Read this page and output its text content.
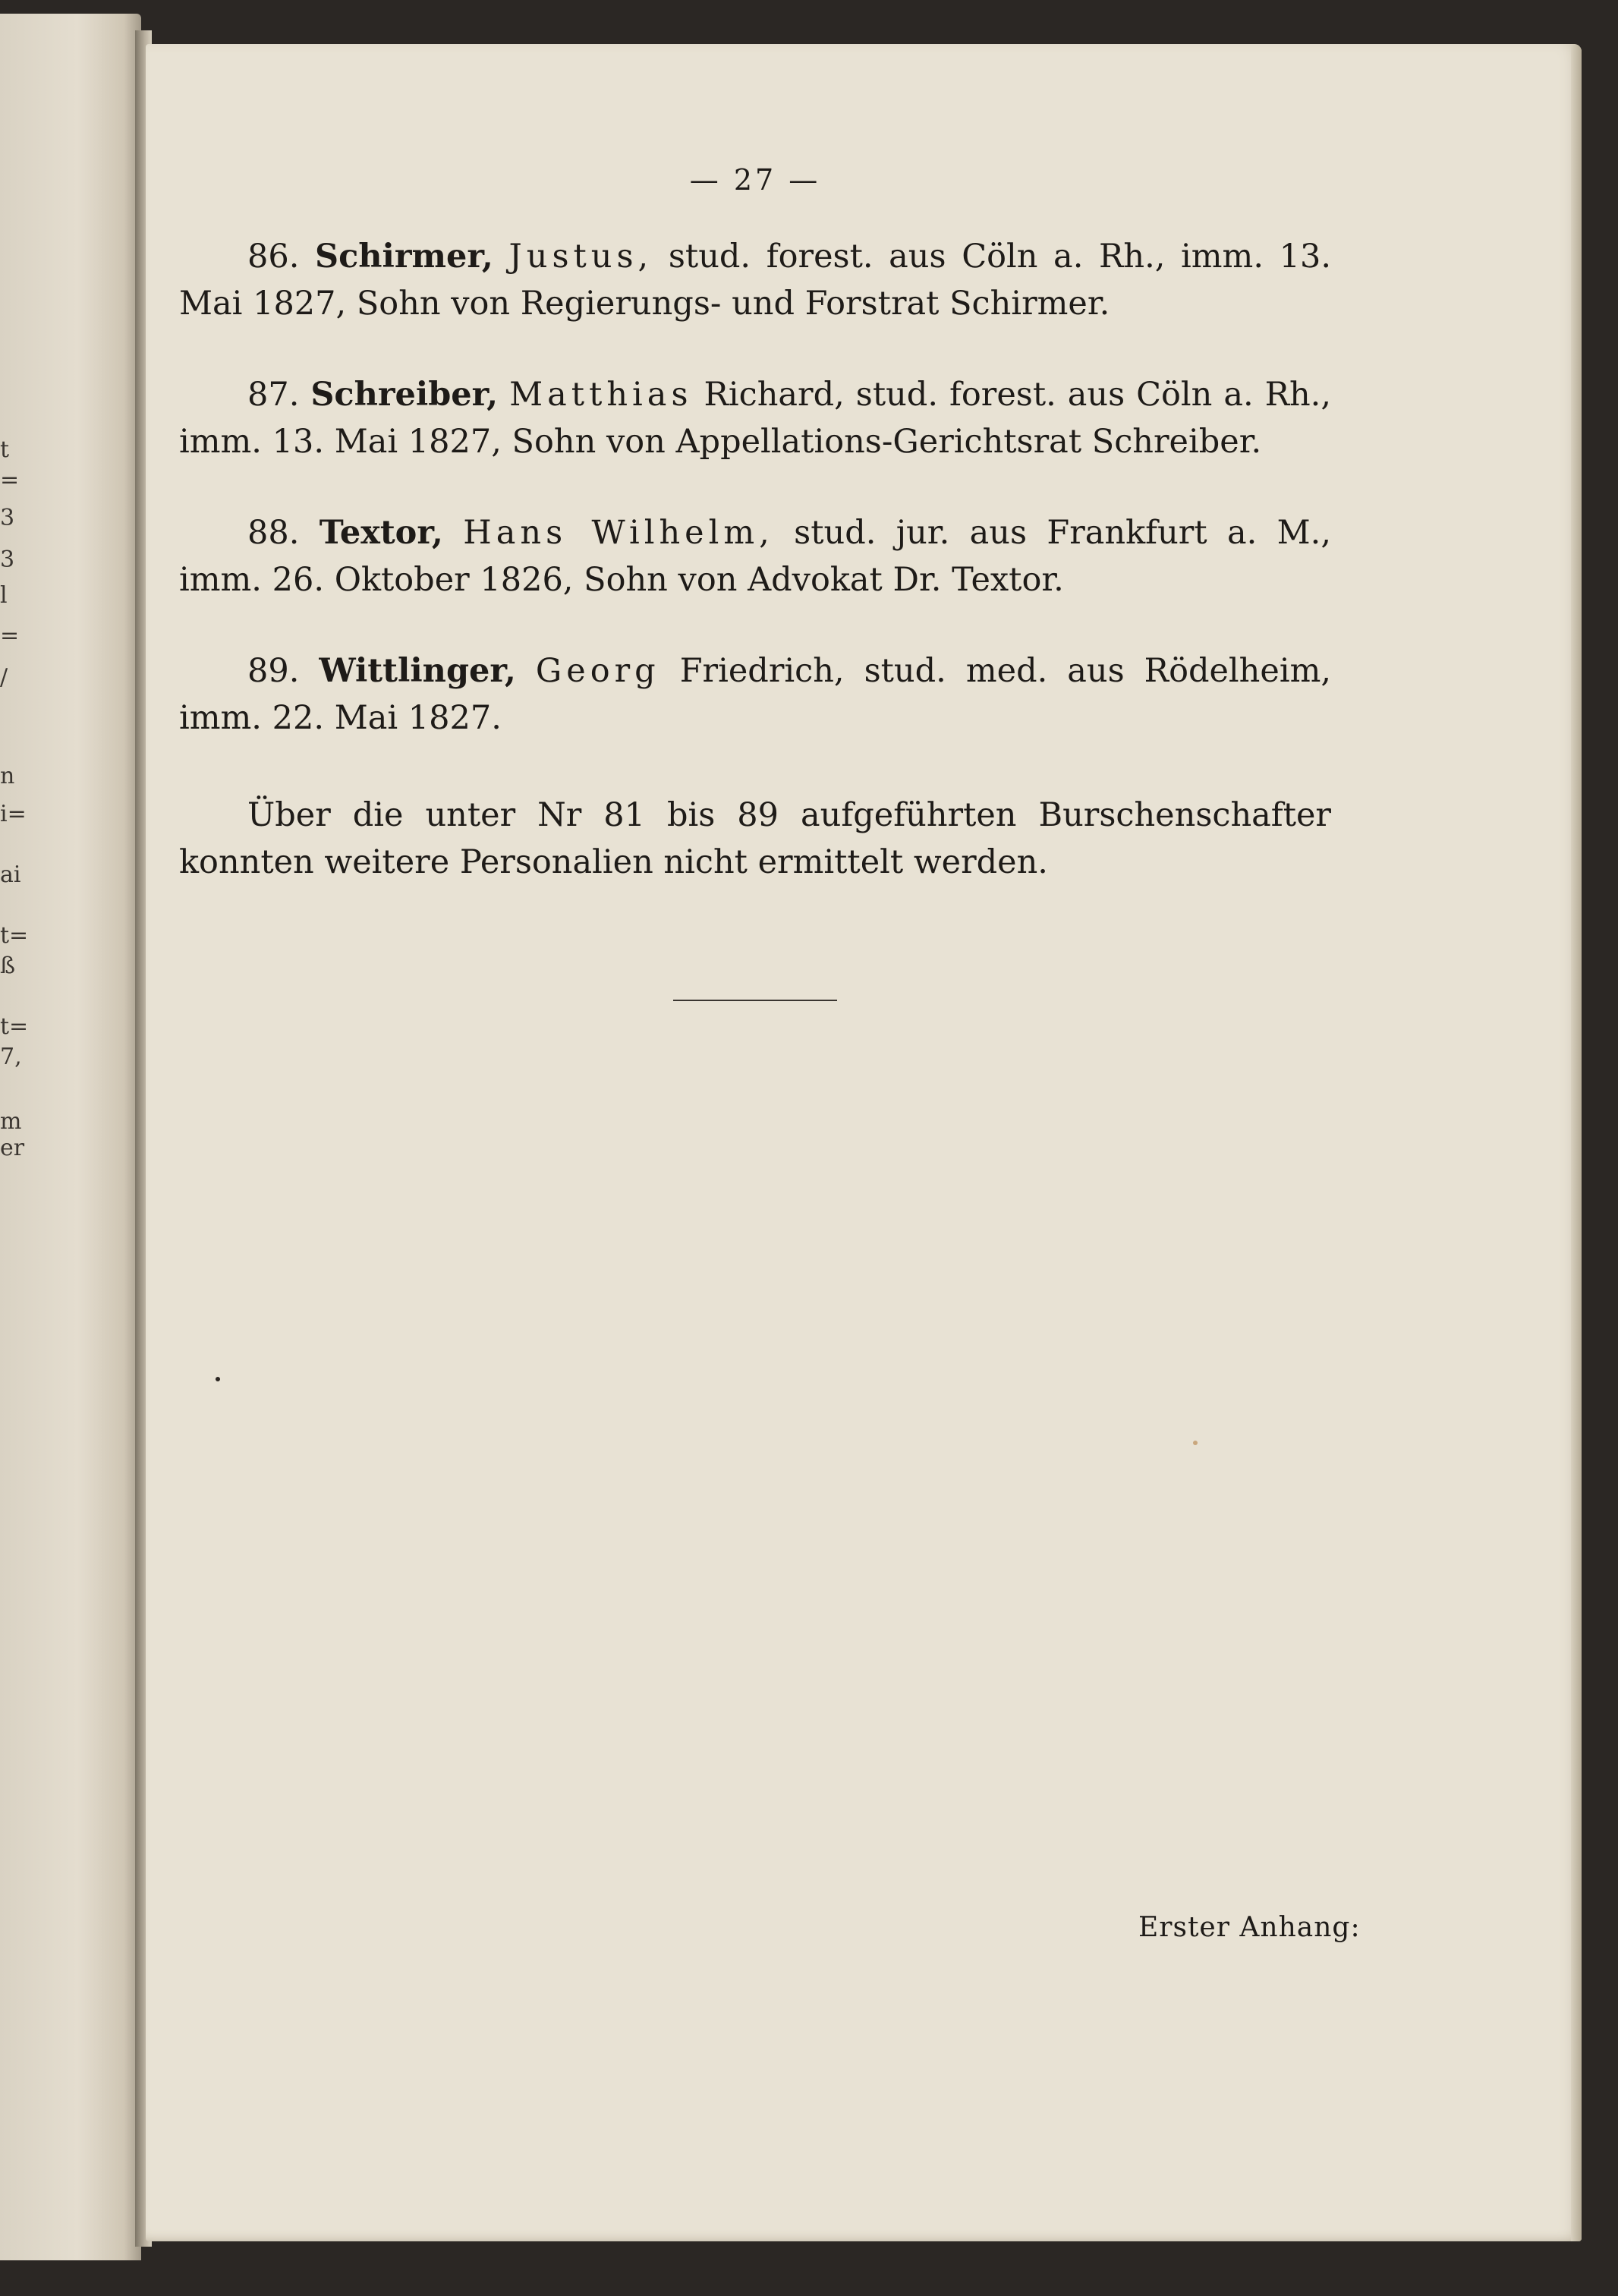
t
=
3
3
l
=
/
n
i=
ai
t=
ß
t=
7,
m
er
— 27 —

86. Schirmer, Justus, stud. forest. aus Cöln a. Rh., imm. 13. Mai 1827, Sohn von Regierungs- und Forstrat Schirmer.

87. Schreiber, Matthias Richard, stud. forest. aus Cöln a. Rh., imm. 13. Mai 1827, Sohn von Appellations-Gerichtsrat Schreiber.

88. Textor, Hans Wilhelm, stud. jur. aus Frankfurt a. M., imm. 26. Oktober 1826, Sohn von Advokat Dr. Textor.

89. Wittlinger, Georg Friedrich, stud. med. aus Rödelheim, imm. 22. Mai 1827.

Über die unter Nr 81 bis 89 aufgeführten Burschenschafter konnten weitere Personalien nicht ermittelt werden.

Erster Anhang:
